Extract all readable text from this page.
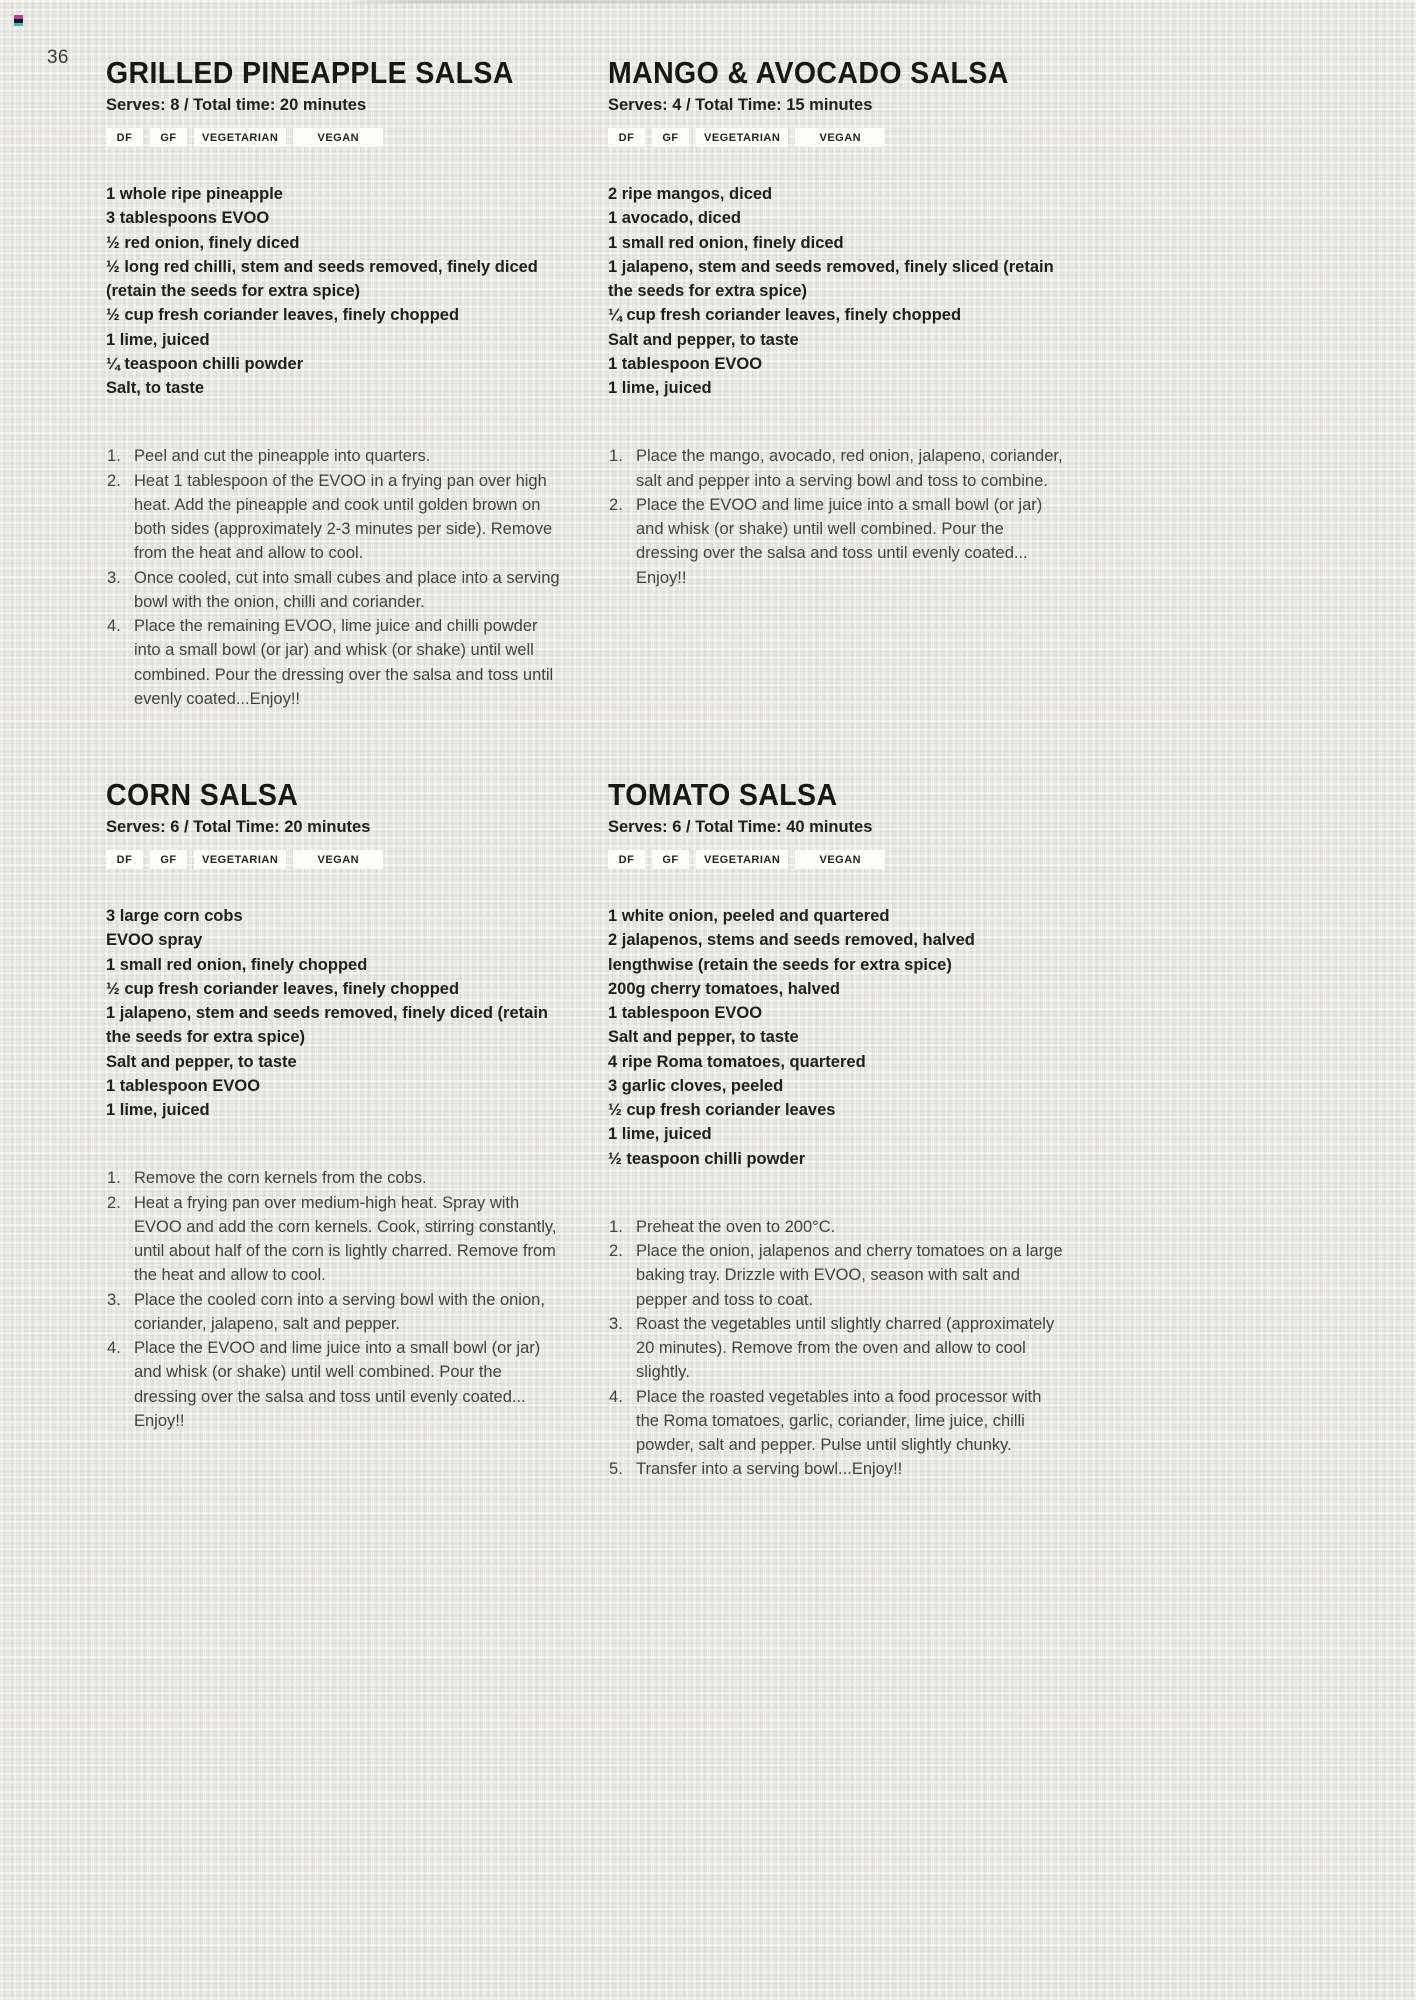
36 GRILLED PINEAPPLE SALSA

Serves: 8 / Total time: 20 minutes

DF	GF	VEGETARIAN	VEGAN
1 whole ripe pineapple
3 tablespoons EVOO
½ red onion, finely diced
½ long red chilli, stem and seeds removed, finely diced (retain the seeds for extra spice)
½ cup fresh coriander leaves, finely chopped
1 lime, juiced
¼ teaspoon chilli powder
Salt, to taste
Peel and cut the pineapple into quarters.
Heat 1 tablespoon of the EVOO in a frying pan over high heat. Add the pineapple and cook until golden brown on both sides (approximately 2-3 minutes per side). Remove from the heat and allow to cool.
Once cooled, cut into small cubes and place into a serving bowl with the onion, chilli and coriander.
Place the remaining EVOO, lime juice and chilli powder into a small bowl (or jar) and whisk (or shake) until well combined. Pour the dressing over the salsa and toss until evenly coated...Enjoy!!
MANGO & AVOCADO SALSA

Serves: 4 / Total Time: 15 minutes

DF	GF	VEGETARIAN	VEGAN
2 ripe mangos, diced
1 avocado, diced
1 small red onion, finely diced
1 jalapeno, stem and seeds removed, finely sliced (retain the seeds for extra spice)
¼ cup fresh coriander leaves, finely chopped
Salt and pepper, to taste
1 tablespoon EVOO
1 lime, juiced
Place the mango, avocado, red onion, jalapeno, coriander, salt and pepper into a serving bowl and toss to combine.
Place the EVOO and lime juice into a small bowl (or jar) and whisk (or shake) until well combined. Pour the dressing over the salsa and toss until evenly coated... Enjoy!!
CORN SALSA

Serves: 6 / Total Time: 20 minutes

DF	GF	VEGETARIAN	VEGAN
3 large corn cobs
EVOO spray
1 small red onion, finely chopped
½ cup fresh coriander leaves, finely chopped
1 jalapeno, stem and seeds removed, finely diced (retain the seeds for extra spice)
Salt and pepper, to taste
1 tablespoon EVOO
1 lime, juiced
Remove the corn kernels from the cobs.
Heat a frying pan over medium-high heat. Spray with EVOO and add the corn kernels. Cook, stirring constantly, until about half of the corn is lightly charred. Remove from the heat and allow to cool.
Place the cooled corn into a serving bowl with the onion, coriander, jalapeno, salt and pepper.
Place the EVOO and lime juice into a small bowl (or jar) and whisk (or shake) until well combined. Pour the dressing over the salsa and toss until evenly coated... Enjoy!!
TOMATO SALSA

Serves: 6 / Total Time: 40 minutes

DF	GF	VEGETARIAN	VEGAN
1 white onion, peeled and quartered
2 jalapenos, stems and seeds removed, halved lengthwise (retain the seeds for extra spice)
200g cherry tomatoes, halved
1 tablespoon EVOO
Salt and pepper, to taste
4 ripe Roma tomatoes, quartered
3 garlic cloves, peeled
½ cup fresh coriander leaves
1 lime, juiced
½ teaspoon chilli powder
Preheat the oven to 200°C.
Place the onion, jalapenos and cherry tomatoes on a large baking tray. Drizzle with EVOO, season with salt and pepper and toss to coat.
Roast the vegetables until slightly charred (approximately 20 minutes). Remove from the oven and allow to cool slightly.
Place the roasted vegetables into a food processor with the Roma tomatoes, garlic, coriander, lime juice, chilli powder, salt and pepper. Pulse until slightly chunky.
Transfer into a serving bowl...Enjoy!!
